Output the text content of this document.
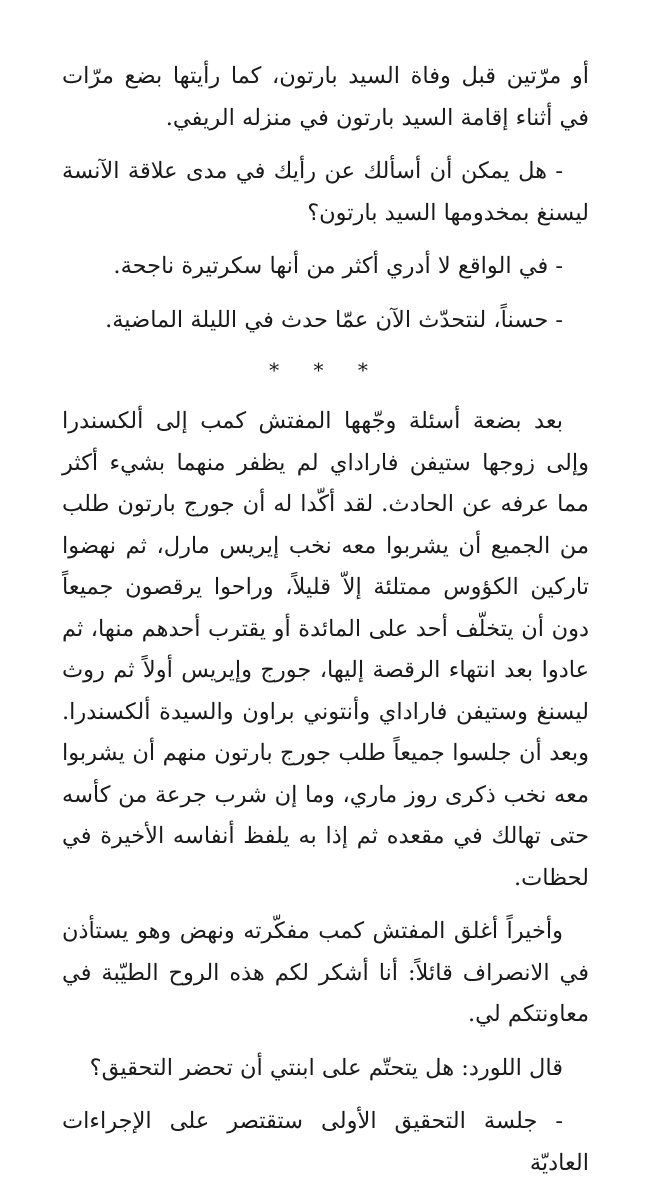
أو مرّتين قبل وفاة السيد بارتون، كما رأيتها بضع مرّات في أثناء إقامة السيد بارتون في منزله الريفي.

- هل يمكن أن أسألك عن رأيك في مدى علاقة الآنسة ليسنغ بمخدومها السيد بارتون؟

- في الواقع لا أدري أكثر من أنها سكرتيرة ناجحة.

- حسناً، لنتحدّث الآن عمّا حدث في الليلة الماضية.

* * *

بعد بضعة أسئلة وجّهها المفتش كمب إلى ألكسندرا وإلى زوجها ستيفن فاراداي لم يظفر منهما بشيء أكثر مما عرفه عن الحادث. لقد أكّدا له أن جورج بارتون طلب من الجميع أن يشربوا معه نخب إيريس مارل، ثم نهضوا تاركين الكؤوس ممتلئة إلاّ قليلاً، وراحوا يرقصون جميعاً دون أن يتخلّف أحد على المائدة أو يقترب أحدهم منها، ثم عادوا بعد انتهاء الرقصة إليها، جورج وإيريس أولاً ثم روث ليسنغ وستيفن فاراداي وأنتوني براون والسيدة ألكسندرا. وبعد أن جلسوا جميعاً طلب جورج بارتون منهم أن يشربوا معه نخب ذكرى روز ماري، وما إن شرب جرعة من كأسه حتى تهالك في مقعده ثم إذا به يلفظ أنفاسه الأخيرة في لحظات.

وأخيراً أغلق المفتش كمب مفكّرته ونهض وهو يستأذن في الانصراف قائلاً: أنا أشكر لكم هذه الروح الطيّبة في معاونتكم لي.

قال اللورد: هل يتحتّم على ابنتي أن تحضر التحقيق؟

- جلسة التحقيق الأولى ستقتصر على الإجراءات العاديّة
